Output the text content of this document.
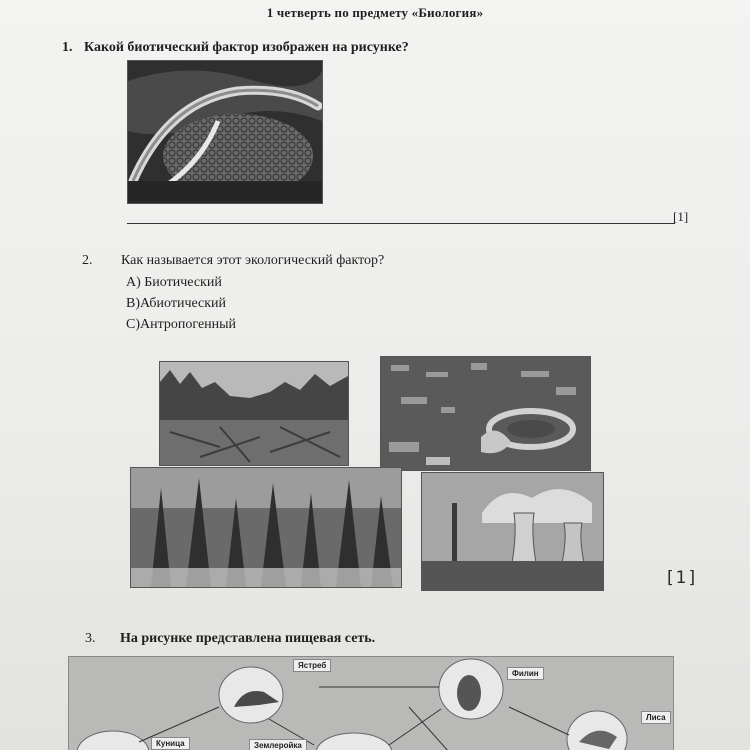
1 четверть по предмету «Биология»
1. Какой биотический фактор изображен на рисунке?
[1]
2. Как называется этот экологический фактор?
А) Биотический
В)Абиотический
С)Антропогенный
[1]
3. На рисунке представлена пищевая сеть.
Ястреб
Филин
Лиса
Куница	Землеройка
